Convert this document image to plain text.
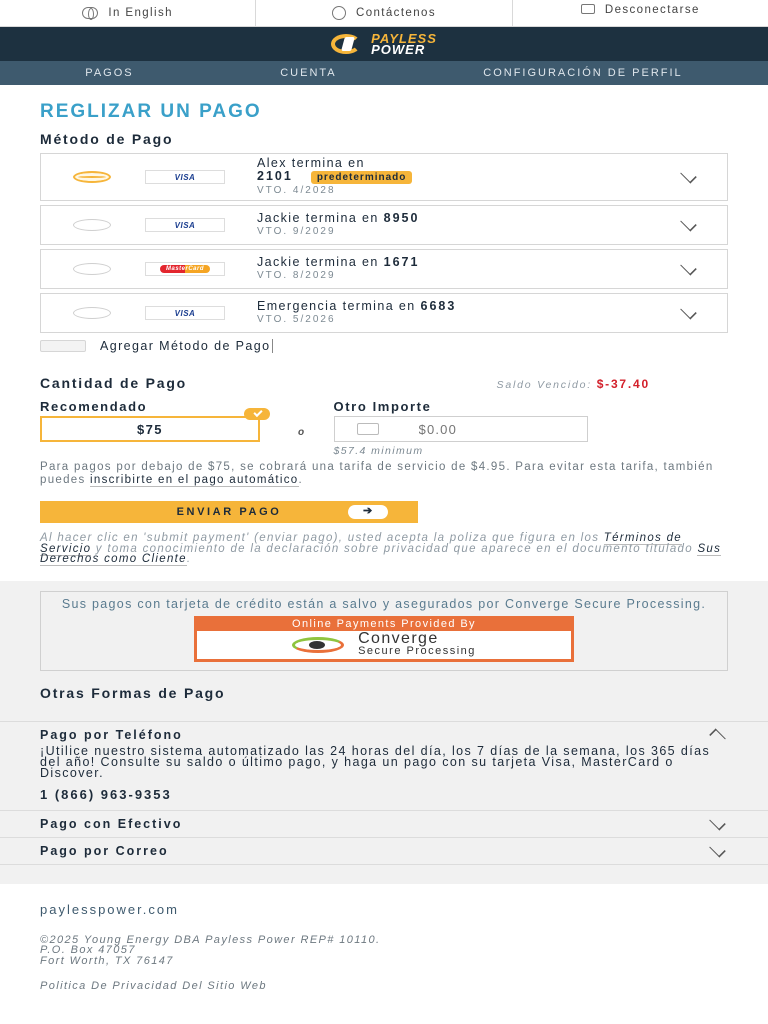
In English	Contáctenos	Desconectarse
PAYLESS
POWER
PAGOS	CUENTA	CONFIGURACIÓN DE PERFIL
REGLIZAR UN PAGO
Método de Pago
VISA
Alex termina en
2101 predeterminado
VTO. 4/2028
VISA	Jackie termina en 8950
VTO. 9/2029
MasterCard	Jackie termina en 1671
VTO. 8/2029
VISA	Emergencia termina en 6683
VTO. 5/2026
Agregar Método de Pago
Cantidad de Pago	Saldo Vencido: $-37.40
Recomendado
$75	o
Otro Importe
$0.00
$57.4 minimum

Para pagos por debajo de $75, se cobrará una tarifa de servicio de $4.95. Para evitar esta tarifa, también puedes inscribirte en el pago automático.

ENVIAR PAGO
➔

Al hacer clic en 'submit payment' (enviar pago), usted acepta la poliza que figura en los Términos de Servicio y toma conocimiento de la declaración sobre privacidad que aparece en el documento titulado Sus Derechos como Cliente.

Sus pagos con tarjeta de crédito están a salvo y asegurados por Converge Secure Processing.
Online Payments Provided By
Converge
Secure Processing
Otras Formas de Pago
Pago por Teléfono
¡Utilice nuestro sistema automatizado las 24 horas del día, los 7 días de la semana, los 365 días del año! Consulte su saldo o último pago, y haga un pago con su tarjeta Visa, MasterCard o Discover.
1 (866) 963-9353
Pago con Efectivo
Pago por Correo
paylesspower.com
©2025 Young Energy DBA Payless Power REP# 10110.
P.O. Box 47057
Fort Worth, TX 76147
Politica De Privacidad Del Sitio Web
